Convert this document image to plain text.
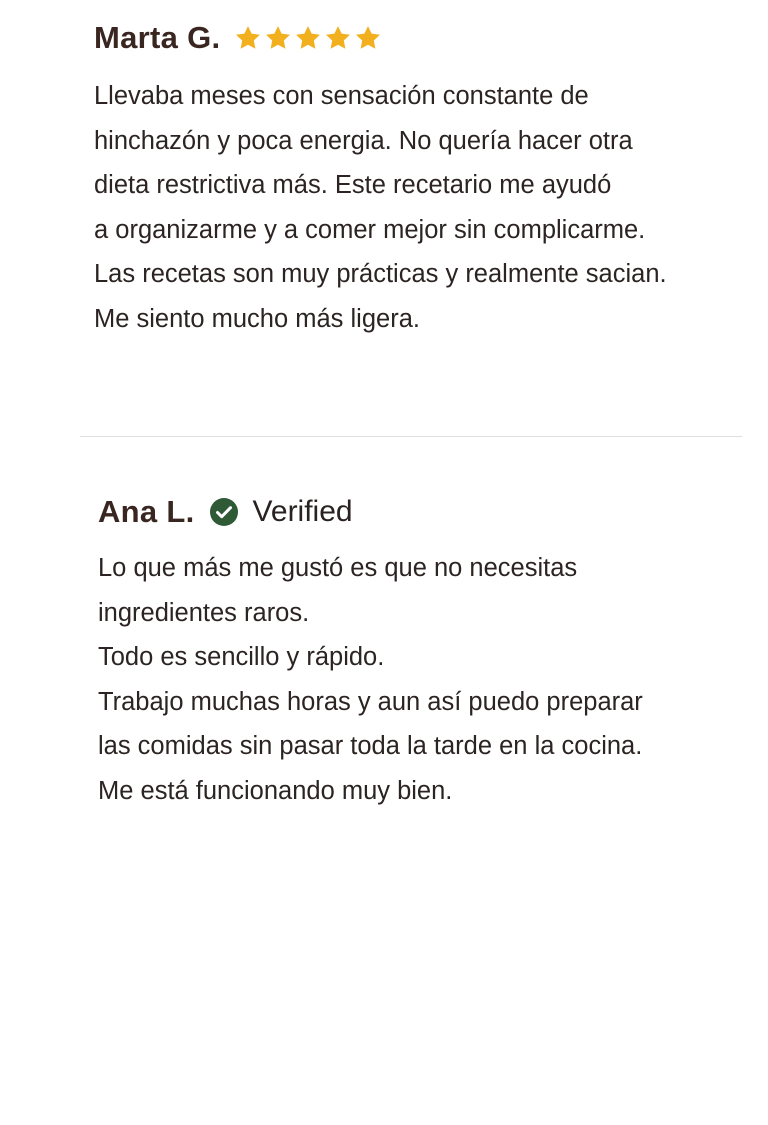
Marta G.

Llevaba meses con sensación constante de
hinchazón y poca energia. No quería hacer otra
dieta restrictiva más. Este recetario me ayudó
a organizarme y a comer mejor sin complicarme.
Las recetas son muy prácticas y realmente sacian.
Me siento mucho más ligera.

Ana L. Verified

Lo que más me gustó es que no necesitas
ingredientes raros.
Todo es sencillo y rápido.
Trabajo muchas horas y aun así puedo preparar
las comidas sin pasar toda la tarde en la cocina.
Me está funcionando muy bien.
